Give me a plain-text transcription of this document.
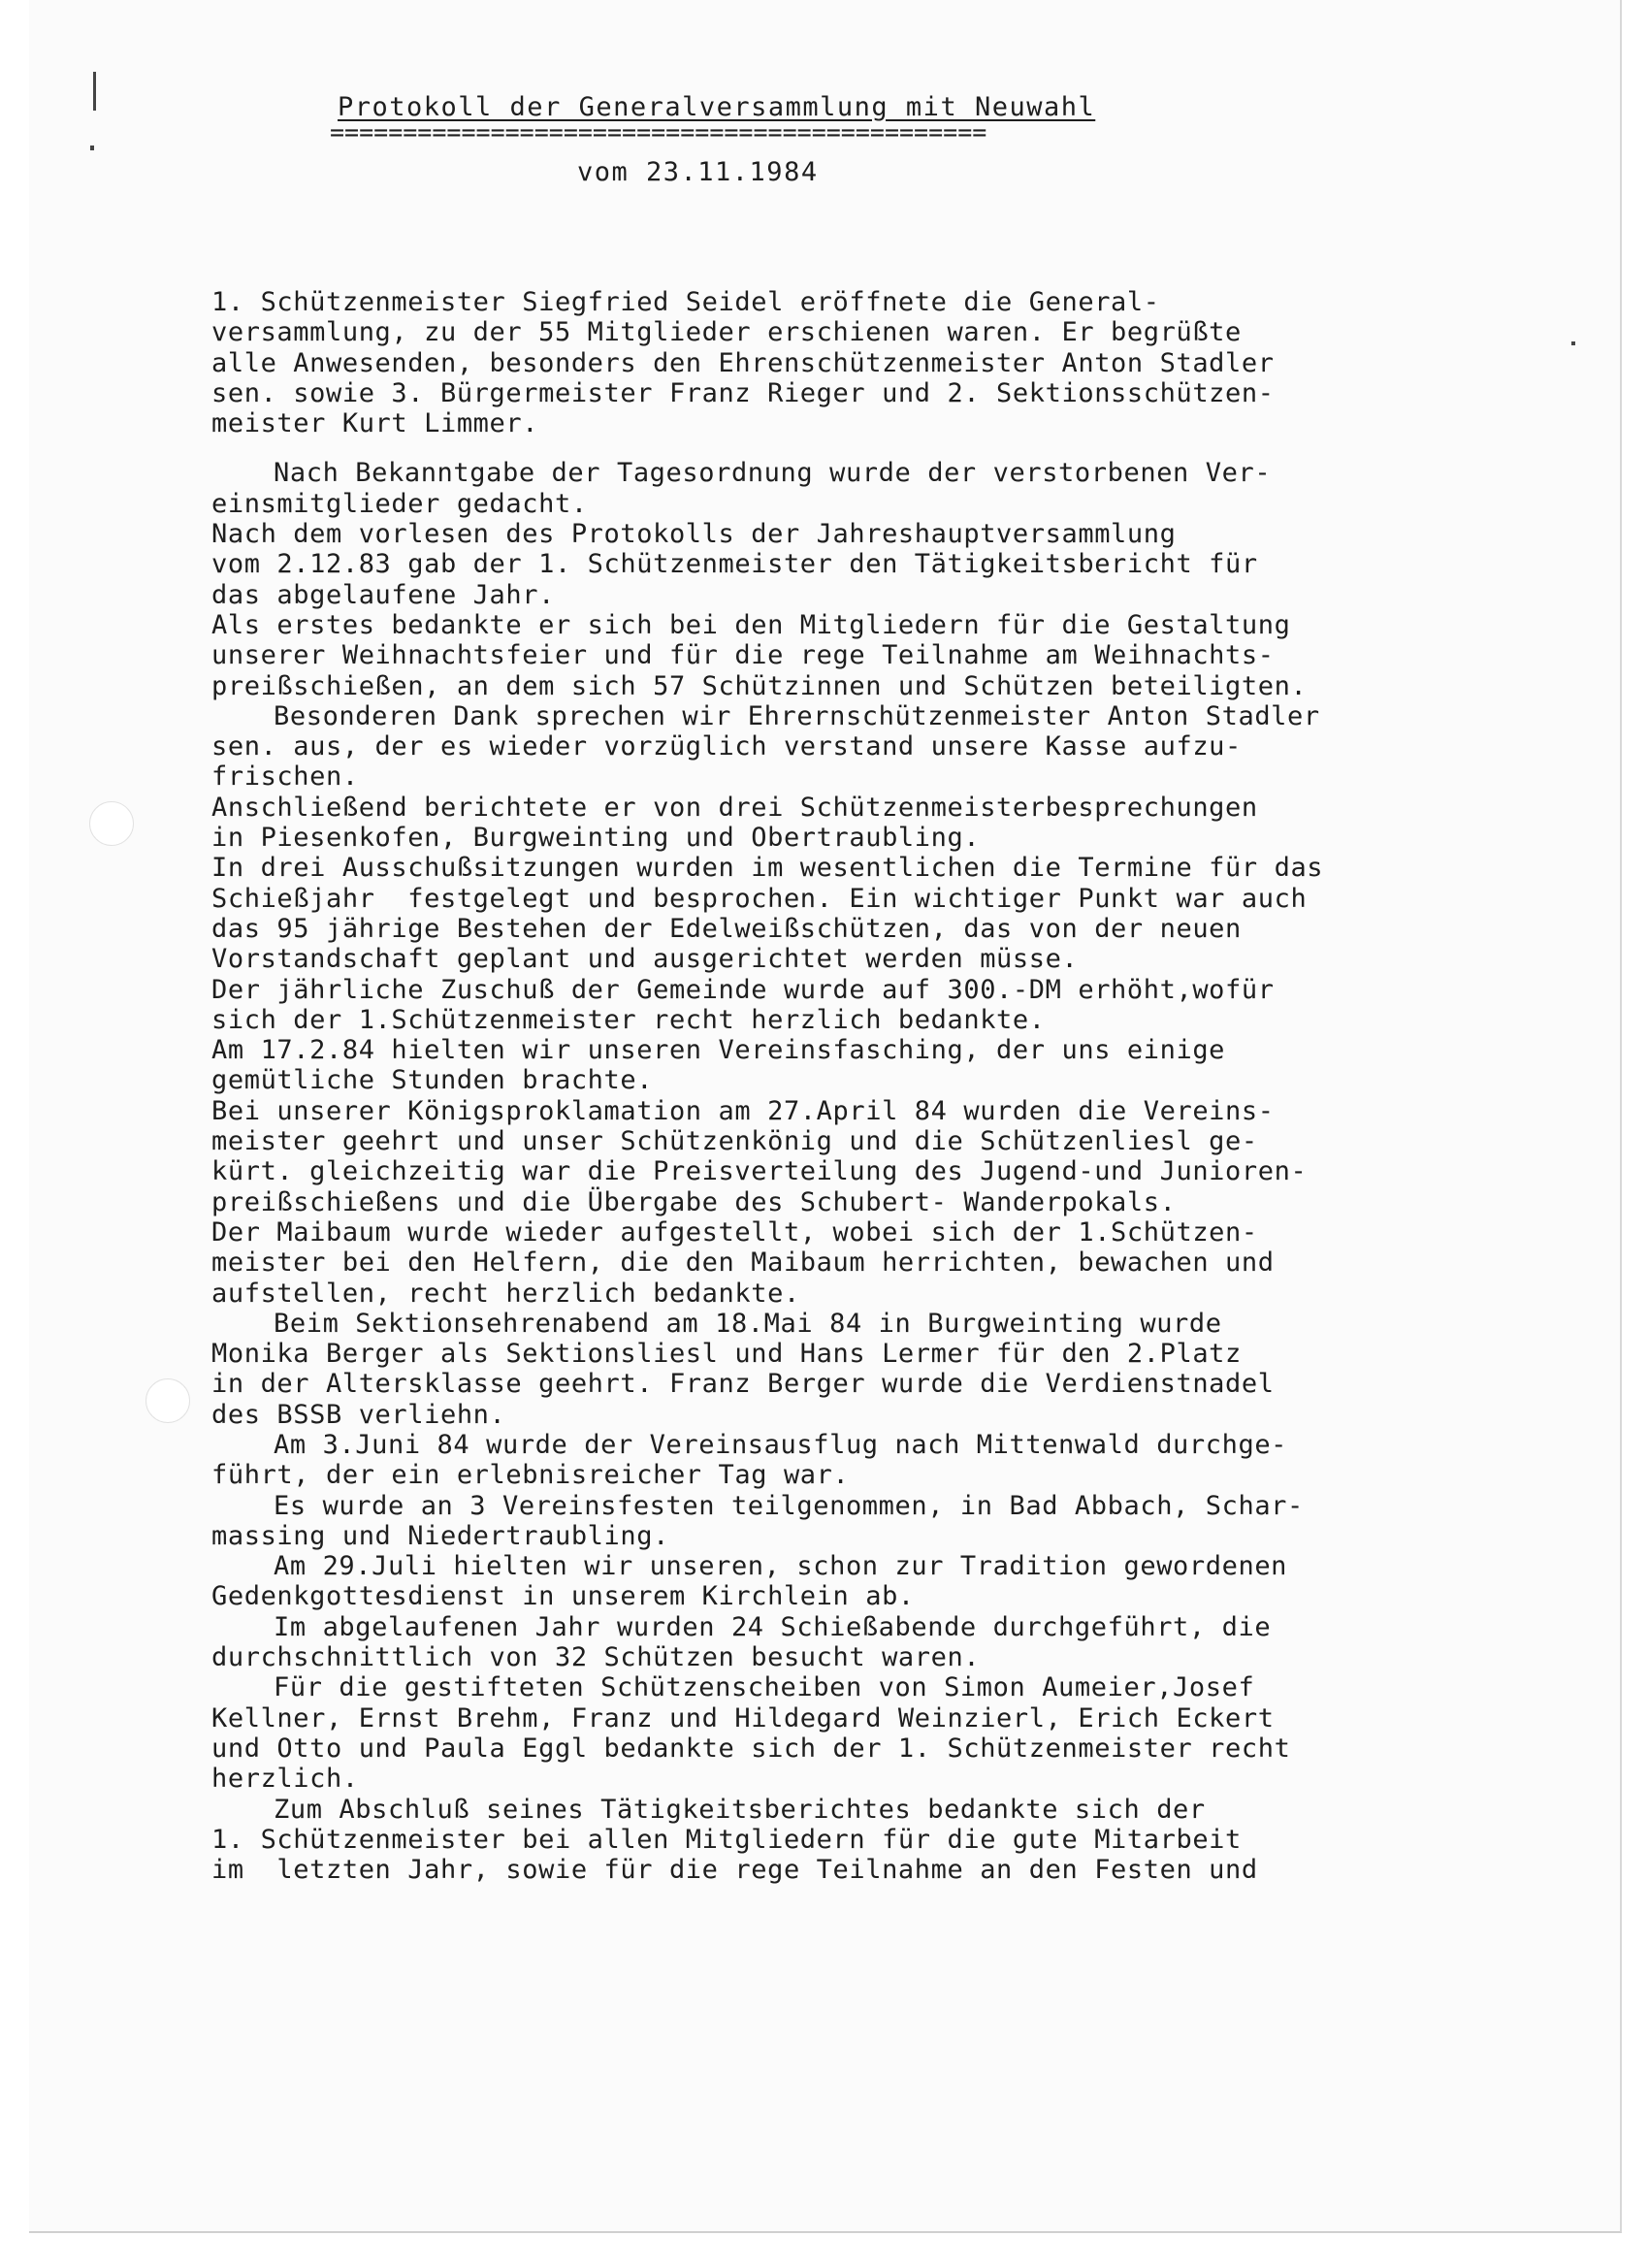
Protokoll der Generalversammlung mit Neuwahl
=============================================
vom 23.11.1984
1. Schützenmeister Siegfried Seidel eröffnete die General-
versammlung, zu der 55 Mitglieder erschienen waren. Er begrüßte
alle Anwesenden, besonders den Ehrenschützenmeister Anton Stadler
sen. sowie 3. Bürgermeister Franz Rieger und 2. Sektionsschützen-
meister Kurt Limmer.
Nach Bekanntgabe der Tagesordnung wurde der verstorbenen Ver-
einsmitglieder gedacht.
Nach dem vorlesen des Protokolls der Jahreshauptversammlung
vom 2.12.83 gab der 1. Schützenmeister den Tätigkeitsbericht für
das abgelaufene Jahr.
Als erstes bedankte er sich bei den Mitgliedern für die Gestaltung
unserer Weihnachtsfeier und für die rege Teilnahme am Weihnachts-
preißschießen, an dem sich 57 Schützinnen und Schützen beteiligten.
Besonderen Dank sprechen wir Ehrernschützenmeister Anton Stadler
sen. aus, der es wieder vorzüglich verstand unsere Kasse aufzu-
frischen.
Anschließend berichtete er von drei Schützenmeisterbesprechungen
in Piesenkofen, Burgweinting und Obertraubling.
In drei Ausschußsitzungen wurden im wesentlichen die Termine für das
Schießjahr  festgelegt und besprochen. Ein wichtiger Punkt war auch
das 95 jährige Bestehen der Edelweißschützen, das von der neuen
Vorstandschaft geplant und ausgerichtet werden müsse.
Der jährliche Zuschuß der Gemeinde wurde auf 300.-DM erhöht,wofür
sich der 1.Schützenmeister recht herzlich bedankte.
Am 17.2.84 hielten wir unseren Vereinsfasching, der uns einige
gemütliche Stunden brachte.
Bei unserer Königsproklamation am 27.April 84 wurden die Vereins-
meister geehrt und unser Schützenkönig und die Schützenliesl ge-
kürt. gleichzeitig war die Preisverteilung des Jugend-und Junioren-
preißschießens und die Übergabe des Schubert- Wanderpokals.
Der Maibaum wurde wieder aufgestellt, wobei sich der 1.Schützen-
meister bei den Helfern, die den Maibaum herrichten, bewachen und
aufstellen, recht herzlich bedankte.
Beim Sektionsehrenabend am 18.Mai 84 in Burgweinting wurde
Monika Berger als Sektionsliesl und Hans Lermer für den 2.Platz
in der Altersklasse geehrt. Franz Berger wurde die Verdienstnadel
des BSSB verliehn.
Am 3.Juni 84 wurde der Vereinsausflug nach Mittenwald durchge-
führt, der ein erlebnisreicher Tag war.
Es wurde an 3 Vereinsfesten teilgenommen, in Bad Abbach, Schar-
massing und Niedertraubling.
Am 29.Juli hielten wir unseren, schon zur Tradition gewordenen
Gedenkgottesdienst in unserem Kirchlein ab.
Im abgelaufenen Jahr wurden 24 Schießabende durchgeführt, die
durchschnittlich von 32 Schützen besucht waren.
Für die gestifteten Schützenscheiben von Simon Aumeier,Josef
Kellner, Ernst Brehm, Franz und Hildegard Weinzierl, Erich Eckert
und Otto und Paula Eggl bedankte sich der 1. Schützenmeister recht
herzlich.
Zum Abschluß seines Tätigkeitsberichtes bedankte sich der
1. Schützenmeister bei allen Mitgliedern für die gute Mitarbeit
im  letzten Jahr, sowie für die rege Teilnahme an den Festen und
